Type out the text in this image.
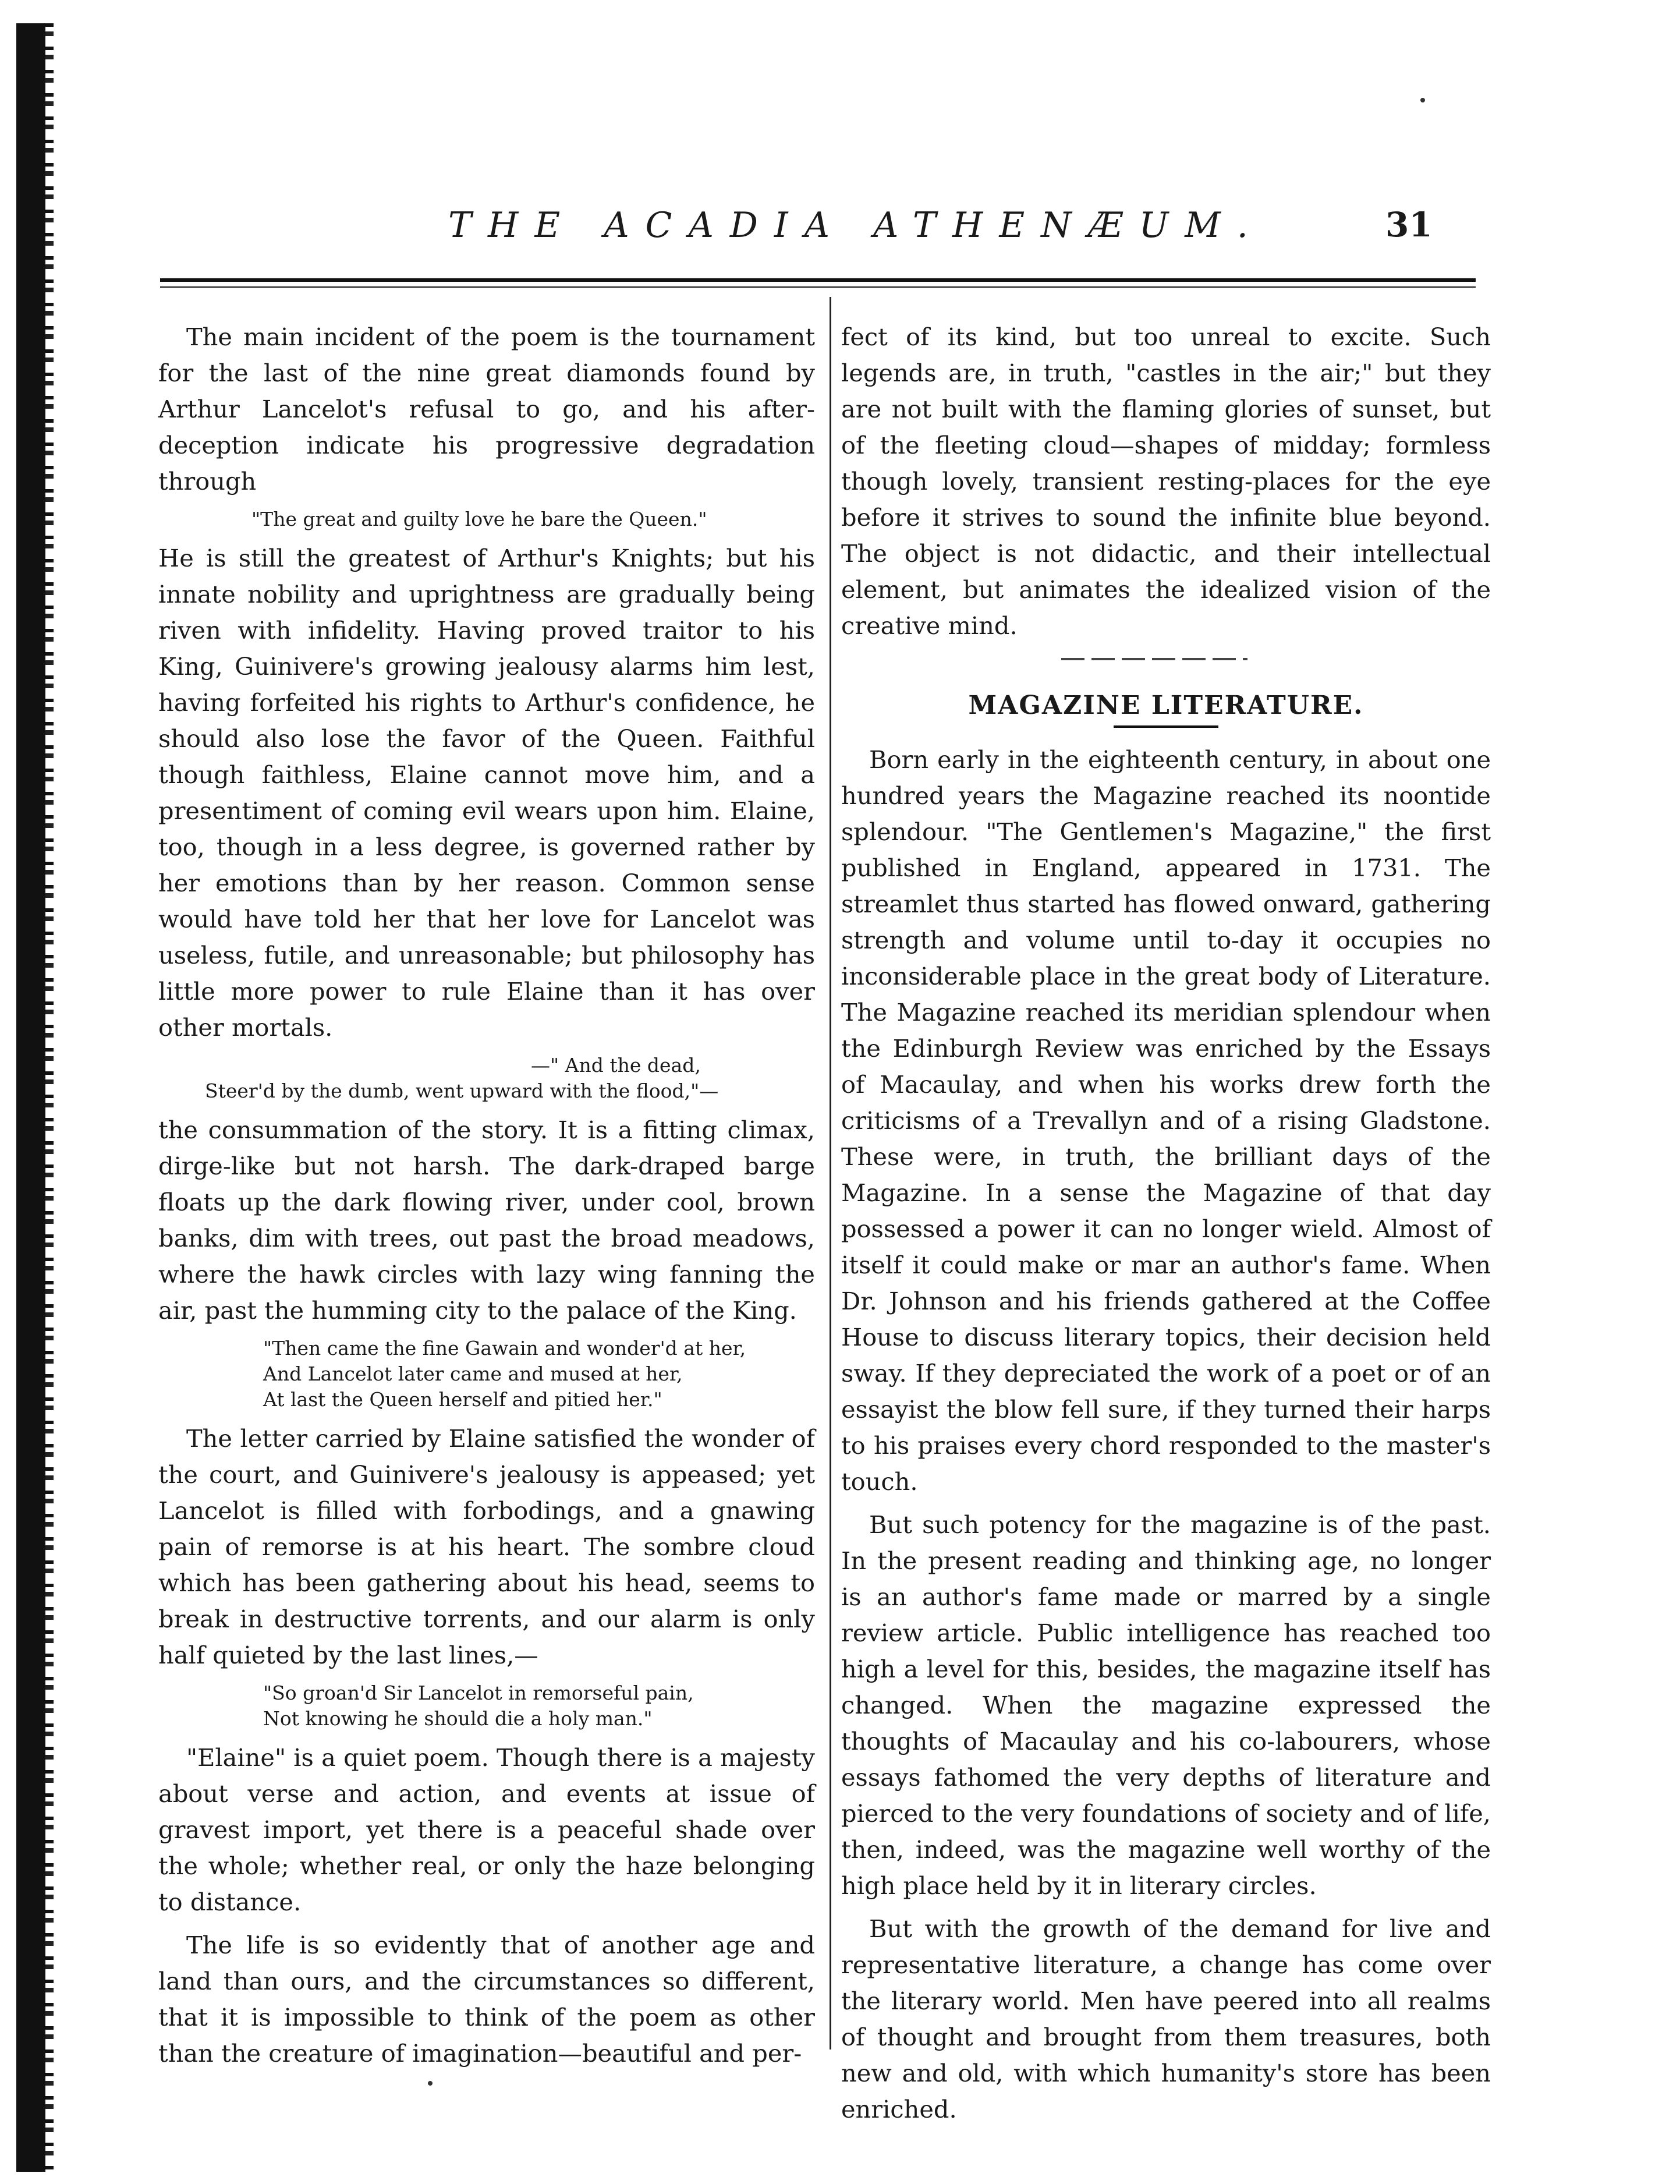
THE ACADIA ATHENÆUM.	31

The main incident of the poem is the tournament for the last of the nine great diamonds found by Arthur Lancelot's refusal to go, and his after-deception indicate his progressive degradation through

"The great and guilty love he bare the Queen."

He is still the greatest of Arthur's Knights; but his innate nobility and uprightness are gradually being riven with infidelity. Having proved traitor to his King, Guinivere's growing jealousy alarms him lest, having forfeited his rights to Arthur's confidence, he should also lose the favor of the Queen. Faithful though faithless, Elaine cannot move him, and a presentiment of coming evil wears upon him. Elaine, too, though in a less degree, is governed rather by her emotions than by her reason. Common sense would have told her that her love for Lancelot was useless, futile, and unreasonable; but philosophy has little more power to rule Elaine than it has over other mortals.

—" And the dead,
Steer'd by the dumb, went upward with the flood,"—

the consummation of the story. It is a fitting climax, dirge-like but not harsh. The dark-draped barge floats up the dark flowing river, under cool, brown banks, dim with trees, out past the broad meadows, where the hawk circles with lazy wing fanning the air, past the humming city to the palace of the King.

"Then came the fine Gawain and wonder'd at her,
And Lancelot later came and mused at her,
At last the Queen herself and pitied her."

The letter carried by Elaine satisfied the wonder of the court, and Guinivere's jealousy is appeased; yet Lancelot is filled with forbodings, and a gnawing pain of remorse is at his heart. The sombre cloud which has been gathering about his head, seems to break in destructive torrents, and our alarm is only half quieted by the last lines,—

"So groan'd Sir Lancelot in remorseful pain,
Not knowing he should die a holy man."

"Elaine" is a quiet poem. Though there is a majesty about verse and action, and events at issue of gravest import, yet there is a peaceful shade over the whole; whether real, or only the haze belonging to distance.

The life is so evidently that of another age and land than ours, and the circumstances so different, that it is impossible to think of the poem as other than the creature of imagination—beautiful and per-

fect of its kind, but too unreal to excite. Such legends are, in truth, "castles in the air;" but they are not built with the flaming glories of sunset, but of the fleeting cloud—shapes of midday; formless though lovely, transient resting-places for the eye before it strives to sound the infinite blue beyond. The object is not didactic, and their intellectual element, but animates the idealized vision of the creative mind.

MAGAZINE LITERATURE.

Born early in the eighteenth century, in about one hundred years the Magazine reached its noontide splendour. "The Gentlemen's Magazine," the first published in England, appeared in 1731. The streamlet thus started has flowed onward, gathering strength and volume until to-day it occupies no inconsiderable place in the great body of Literature. The Magazine reached its meridian splendour when the Edinburgh Review was enriched by the Essays of Macaulay, and when his works drew forth the criticisms of a Trevallyn and of a rising Gladstone. These were, in truth, the brilliant days of the Magazine. In a sense the Magazine of that day possessed a power it can no longer wield. Almost of itself it could make or mar an author's fame. When Dr. Johnson and his friends gathered at the Coffee House to discuss literary topics, their decision held sway. If they depreciated the work of a poet or of an essayist the blow fell sure, if they turned their harps to his praises every chord responded to the master's touch.

But such potency for the magazine is of the past. In the present reading and thinking age, no longer is an author's fame made or marred by a single review article. Public intelligence has reached too high a level for this, besides, the magazine itself has changed. When the magazine expressed the thoughts of Macaulay and his co-labourers, whose essays fathomed the very depths of literature and pierced to the very foundations of society and of life, then, indeed, was the magazine well worthy of the high place held by it in literary circles.

But with the growth of the demand for live and representative literature, a change has come over the literary world. Men have peered into all realms of thought and brought from them treasures, both new and old, with which humanity's store has been enriched.
